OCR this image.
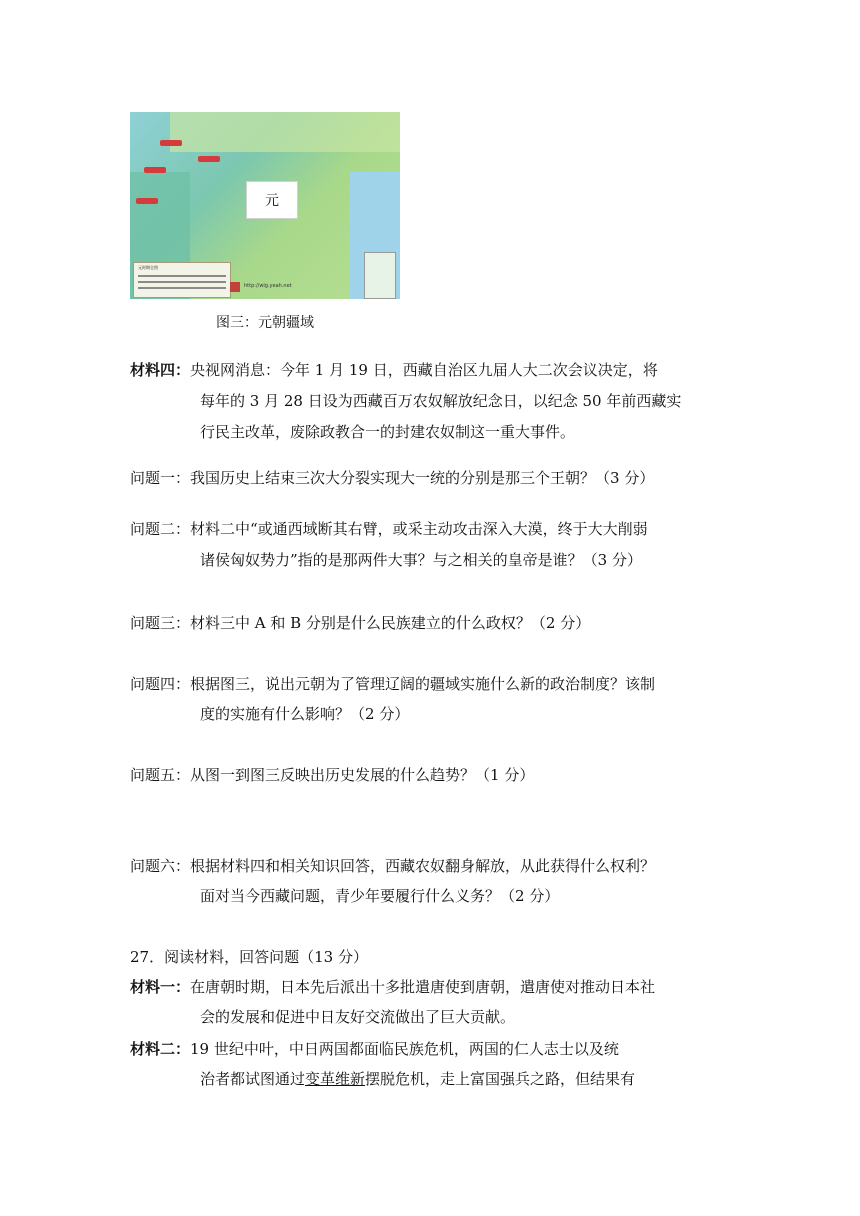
元时期全图
http://wlg.yeah.net
元
图三：元朝疆域
材料四：央视网消息：今年 1 月 19 日，西藏自治区九届人大二次会议决定，将
每年的 3 月 28 日设为西藏百万农奴解放纪念日，以纪念 50 年前西藏实
行民主改革，废除政教合一的封建农奴制这一重大事件。
问题一：我国历史上结束三次大分裂实现大一统的分别是那三个王朝？（3 分）
问题二：材料二中“或通西域断其右臂，或采主动攻击深入大漠，终于大大削弱
诸侯匈奴势力”指的是那两件大事？与之相关的皇帝是谁？（3 分）
问题三：材料三中 A 和 B 分别是什么民族建立的什么政权？（2 分）
问题四：根据图三，说出元朝为了管理辽阔的疆域实施什么新的政治制度？该制
度的实施有什么影响？（2 分）
问题五：从图一到图三反映出历史发展的什么趋势？（1 分）
问题六：根据材料四和相关知识回答，西藏农奴翻身解放，从此获得什么权利？
面对当今西藏问题，青少年要履行什么义务？（2 分）
27．阅读材料，回答问题（13 分）
材料一：在唐朝时期，日本先后派出十多批遣唐使到唐朝，遣唐使对推动日本社
会的发展和促进中日友好交流做出了巨大贡献。
材料二：19 世纪中叶，中日两国都面临民族危机，两国的仁人志士以及统
治者都试图通过变革维新摆脱危机，走上富国强兵之路，但结果有
